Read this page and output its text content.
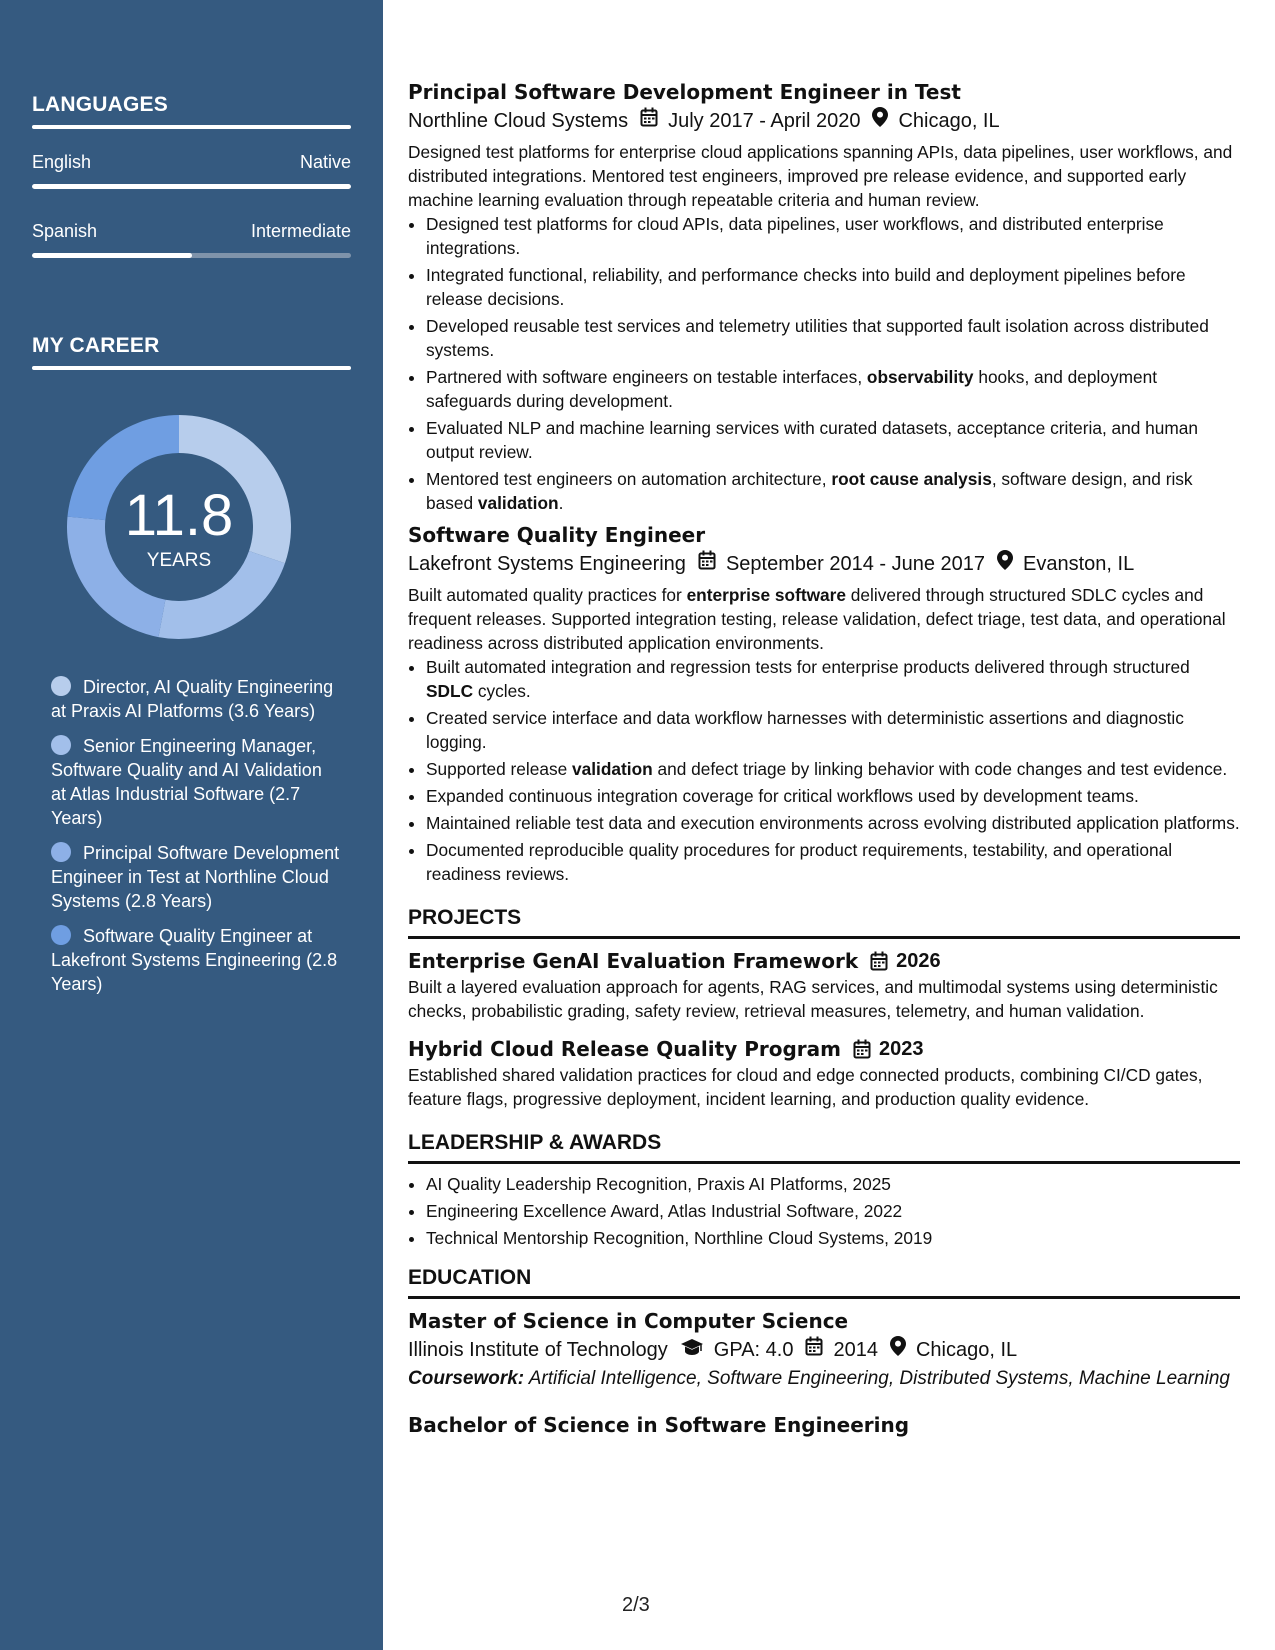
LANGUAGES
English	Native
Spanish	Intermediate
MY CAREER
11.8
YEARS
Director, AI Quality Engineering at Praxis AI Platforms (3.6 Years)
Senior Engineering Manager, Software Quality and AI Validation at Atlas Industrial Software (2.7 Years)
Principal Software Development Engineer in Test at Northline Cloud Systems (2.8 Years)
Software Quality Engineer at Lakefront Systems Engineering (2.8 Years)
Principal Software Development Engineer in Test
Northline Cloud Systems July 2017 - April 2020 Chicago, IL
Designed test platforms for enterprise cloud applications spanning APIs, data pipelines, user workflows, and distributed integrations. Mentored test engineers, improved pre release evidence, and supported early machine learning evaluation through repeatable criteria and human review.
• Designed test platforms for cloud APIs, data pipelines, user workflows, and distributed enterprise integrations.
• Integrated functional, reliability, and performance checks into build and deployment pipelines before release decisions.
• Developed reusable test services and telemetry utilities that supported fault isolation across distributed systems.
• Partnered with software engineers on testable interfaces, observability hooks, and deployment safeguards during development.
• Evaluated NLP and machine learning services with curated datasets, acceptance criteria, and human output review.
• Mentored test engineers on automation architecture, root cause analysis, software design, and risk based validation.
Software Quality Engineer
Lakefront Systems Engineering September 2014 - June 2017 Evanston, IL
Built automated quality practices for enterprise software delivered through structured SDLC cycles and frequent releases. Supported integration testing, release validation, defect triage, test data, and operational readiness across distributed application environments.
• Built automated integration and regression tests for enterprise products delivered through structured SDLC cycles.
• Created service interface and data workflow harnesses with deterministic assertions and diagnostic logging.
• Supported release validation and defect triage by linking behavior with code changes and test evidence.
• Expanded continuous integration coverage for critical workflows used by development teams.
• Maintained reliable test data and execution environments across evolving distributed application platforms.
• Documented reproducible quality procedures for product requirements, testability, and operational readiness reviews.
PROJECTS
Enterprise GenAI Evaluation Framework 2026
Built a layered evaluation approach for agents, RAG services, and multimodal systems using deterministic checks, probabilistic grading, safety review, retrieval measures, telemetry, and human validation.
Hybrid Cloud Release Quality Program 2023
Established shared validation practices for cloud and edge connected products, combining CI/CD gates, feature flags, progressive deployment, incident learning, and production quality evidence.
LEADERSHIP & AWARDS
• AI Quality Leadership Recognition, Praxis AI Platforms, 2025
• Engineering Excellence Award, Atlas Industrial Software, 2022
• Technical Mentorship Recognition, Northline Cloud Systems, 2019
EDUCATION
Master of Science in Computer Science
Illinois Institute of Technology GPA: 4.0 2014 Chicago, IL
Coursework: Artificial Intelligence, Software Engineering, Distributed Systems, Machine Learning
Bachelor of Science in Software Engineering
2/3
